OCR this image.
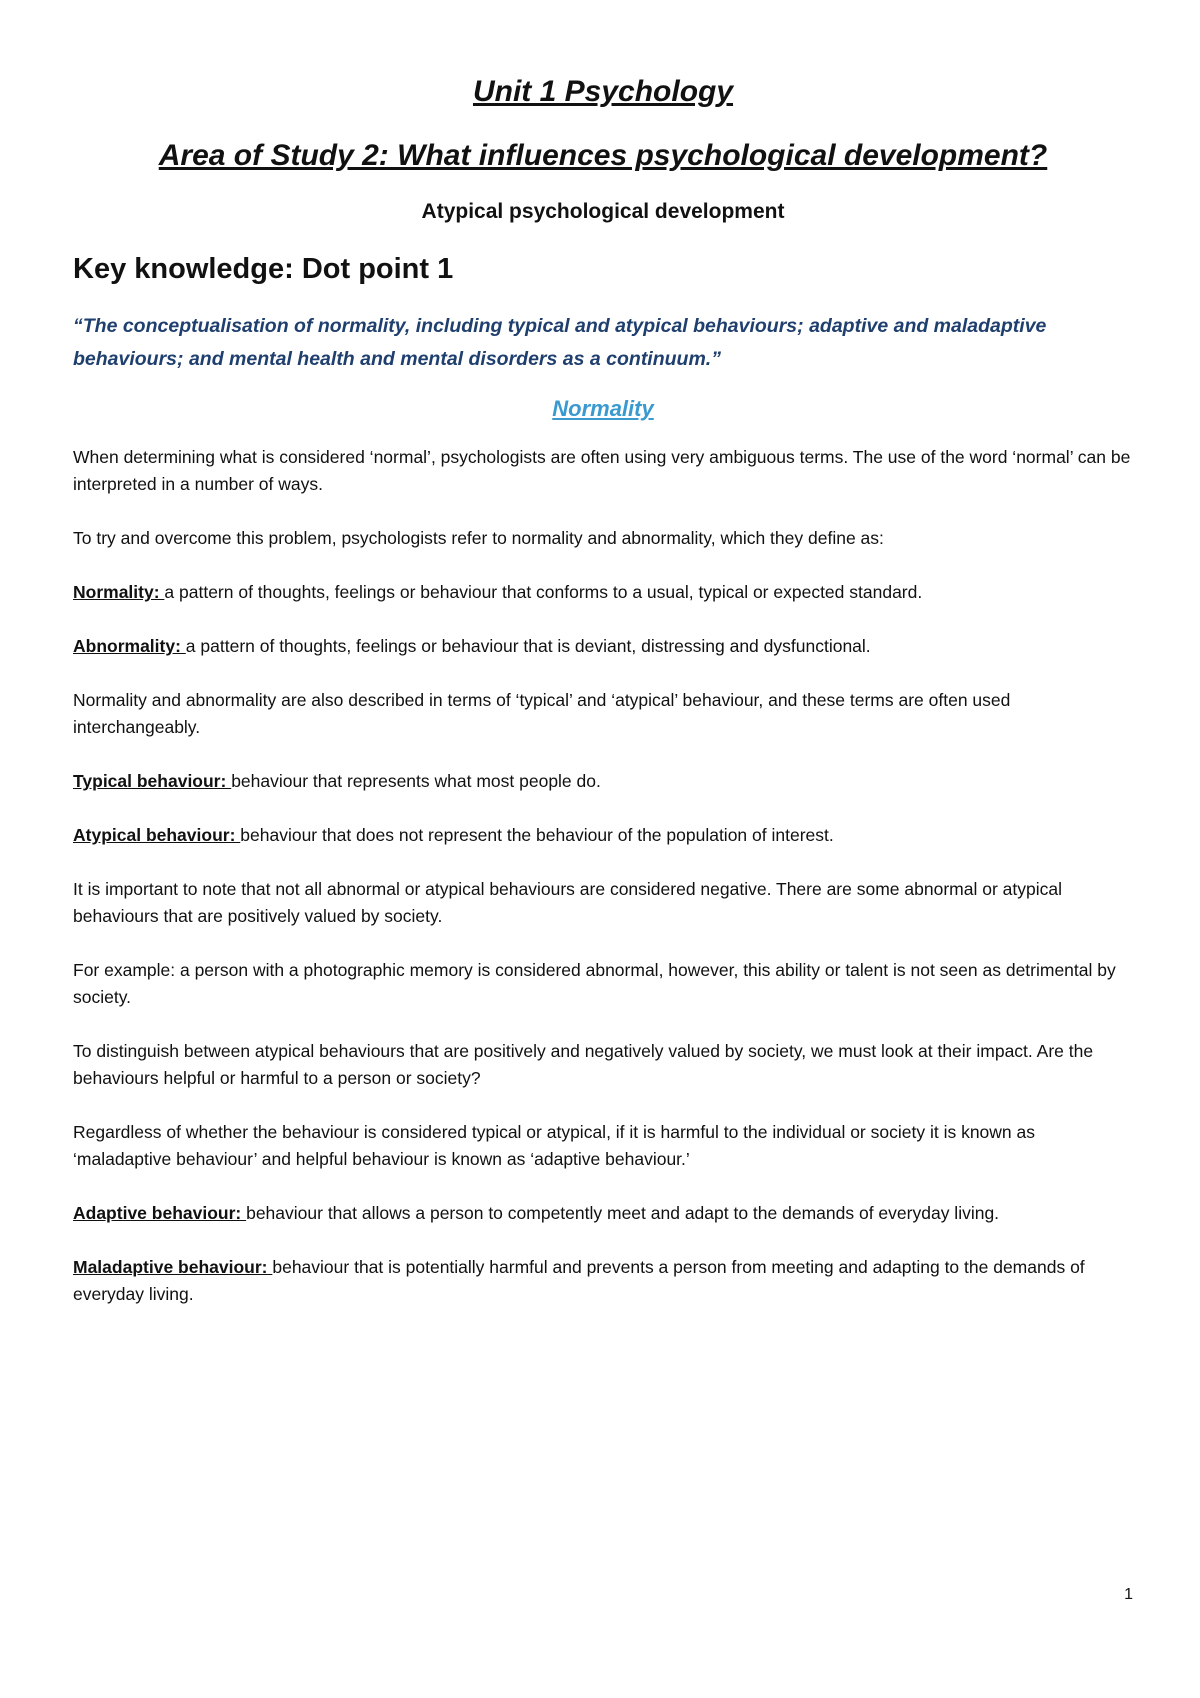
Unit 1 Psychology
Area of Study 2: What influences psychological development?
Atypical psychological development
Key knowledge: Dot point 1

“The conceptualisation of normality, including typical and atypical behaviours; adaptive and maladaptive behaviours; and mental health and mental disorders as a continuum.”

Normality

When determining what is considered ‘normal’, psychologists are often using very ambiguous terms. The use of the word ‘normal’ can be interpreted in a number of ways.

To try and overcome this problem, psychologists refer to normality and abnormality, which they define as:

Normality: a pattern of thoughts, feelings or behaviour that conforms to a usual, typical or expected standard.

Abnormality: a pattern of thoughts, feelings or behaviour that is deviant, distressing and dysfunctional.

Normality and abnormality are also described in terms of ‘typical’ and ‘atypical’ behaviour, and these terms are often used interchangeably.

Typical behaviour: behaviour that represents what most people do.

Atypical behaviour: behaviour that does not represent the behaviour of the population of interest.

It is important to note that not all abnormal or atypical behaviours are considered negative. There are some abnormal or atypical behaviours that are positively valued by society.

For example: a person with a photographic memory is considered abnormal, however, this ability or talent is not seen as detrimental by society.

To distinguish between atypical behaviours that are positively and negatively valued by society, we must look at their impact. Are the behaviours helpful or harmful to a person or society?

Regardless of whether the behaviour is considered typical or atypical, if it is harmful to the individual or society it is known as ‘maladaptive behaviour’ and helpful behaviour is known as ‘adaptive behaviour.’

Adaptive behaviour: behaviour that allows a person to competently meet and adapt to the demands of everyday living.

Maladaptive behaviour: behaviour that is potentially harmful and prevents a person from meeting and adapting to the demands of everyday living.

1
